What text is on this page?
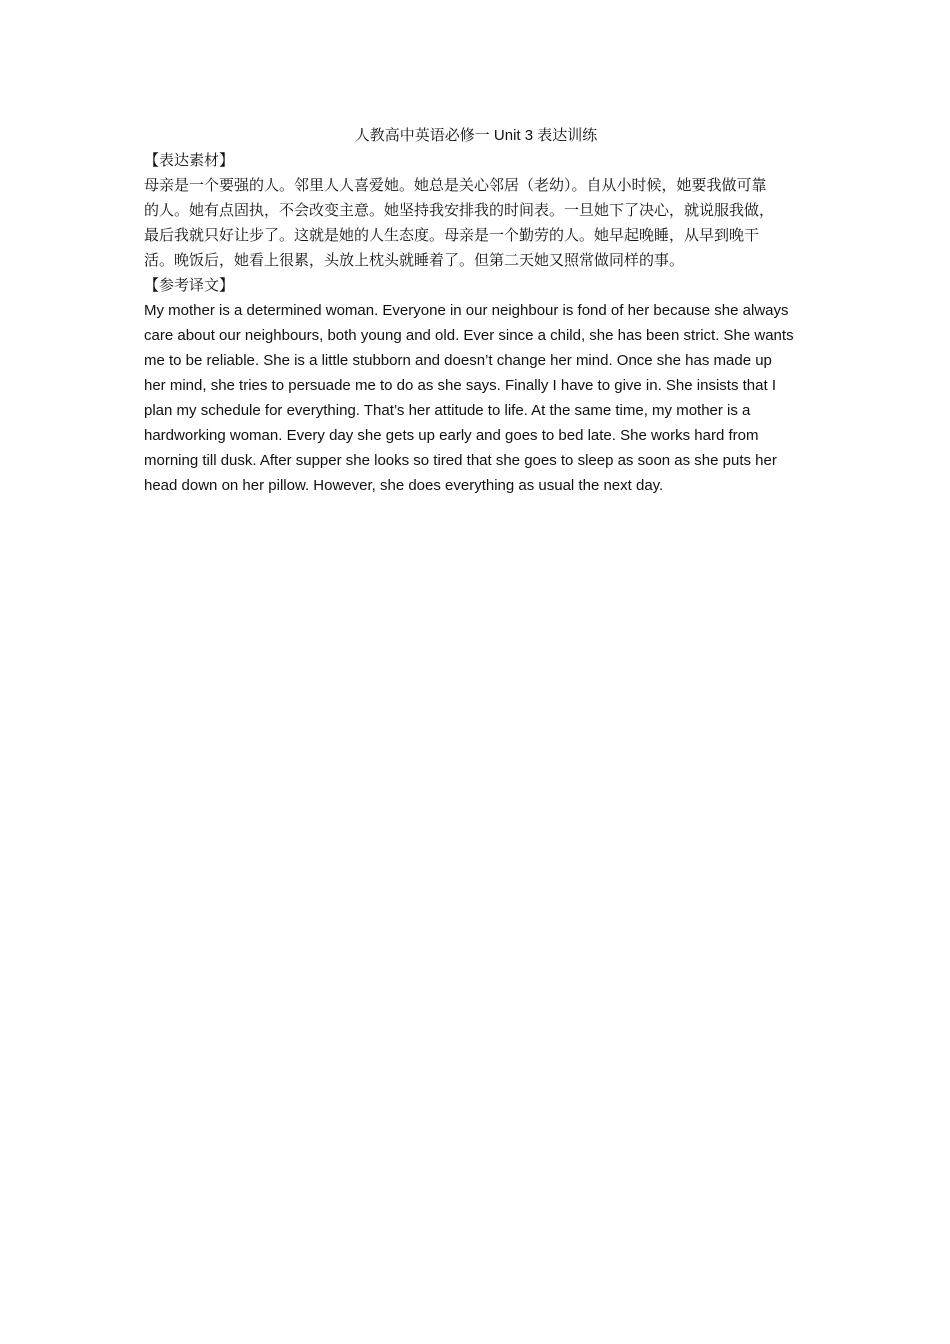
人教高中英语必修一 Unit 3 表达训练
【表达素材】

母亲是一个要强的人。邻里人人喜爱她。她总是关心邻居（老幼）。自从小时候，她要我做可靠
的人。她有点固执，不会改变主意。她坚持我安排我的时间表。一旦她下了决心，就说服我做，
最后我就只好让步了。这就是她的人生态度。母亲是一个勤劳的人。她早起晚睡，从早到晚干
活。晚饭后，她看上很累，头放上枕头就睡着了。但第二天她又照常做同样的事。

【参考译文】

My mother is a determined woman. Everyone in our neighbour is fond of her because she always
care about our neighbours, both young and old. Ever since a child, she has been strict. She wants
me to be reliable. She is a little stubborn and doesn’t change her mind. Once she has made up
her mind, she tries to persuade me to do as she says. Finally I have to give in. She insists that I
plan my schedule for everything. That’s her attitude to life. At the same time, my mother is a
hardworking woman. Every day she gets up early and goes to bed late. She works hard from
morning till dusk. After supper she looks so tired that she goes to sleep as soon as she puts her
head down on her pillow. However, she does everything as usual the next day.
